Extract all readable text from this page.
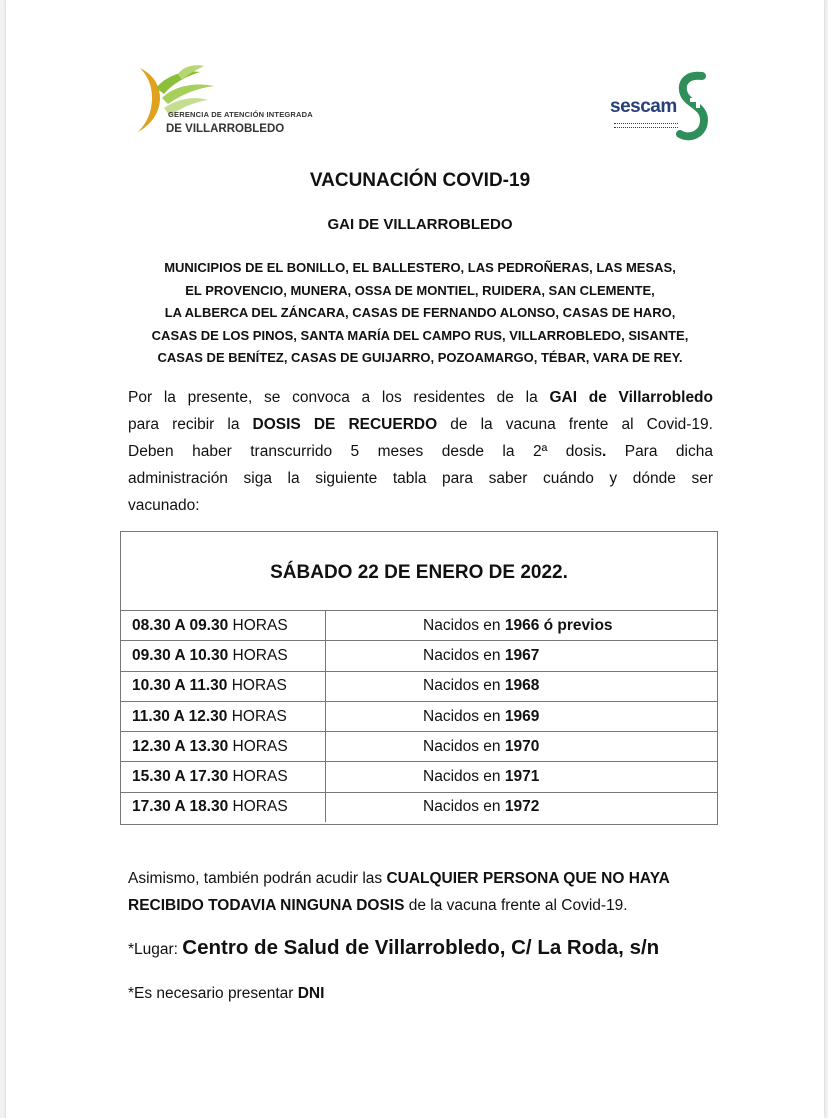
GERENCIA DE ATENCIÓN INTEGRADA
DE VILLARROBLEDO
sescam
VACUNACIÓN COVID-19
GAI DE VILLARROBLEDO
MUNICIPIOS DE EL BONILLO, EL BALLESTERO, LAS PEDROÑERAS, LAS MESAS,
EL PROVENCIO, MUNERA, OSSA DE MONTIEL, RUIDERA, SAN CLEMENTE,
LA ALBERCA DEL ZÁNCARA, CASAS DE FERNANDO ALONSO, CASAS DE HARO,
CASAS DE LOS PINOS, SANTA MARÍA DEL CAMPO RUS, VILLARROBLEDO, SISANTE,
CASAS DE BENÍTEZ, CASAS DE GUIJARRO, POZOAMARGO, TÉBAR, VARA DE REY.
Por la presente, se convoca a los residentes de la GAI de Villarrobledo
para recibir la DOSIS DE RECUERDO de la vacuna frente al Covid-19.
Deben haber transcurrido 5 meses desde la 2ª dosis. Para dicha
administración siga la siguiente tabla para saber cuándo y dónde ser
vacunado:
SÁBADO 22 DE ENERO DE 2022.
08.30 A 09.30 HORAS	Nacidos en 1966 ó previos
09.30 A 10.30 HORAS	Nacidos en 1967
10.30 A 11.30 HORAS	Nacidos en 1968
11.30 A 12.30 HORAS	Nacidos en 1969
12.30 A 13.30 HORAS	Nacidos en 1970
15.30 A 17.30 HORAS	Nacidos en 1971
17.30 A 18.30 HORAS	Nacidos en 1972
Asimismo, también podrán acudir las CUALQUIER PERSONA QUE NO HAYA
RECIBIDO TODAVIA NINGUNA DOSIS de la vacuna frente al Covid-19.
*Lugar: Centro de Salud de Villarrobledo, C/ La Roda, s/n
*Es necesario presentar DNI
